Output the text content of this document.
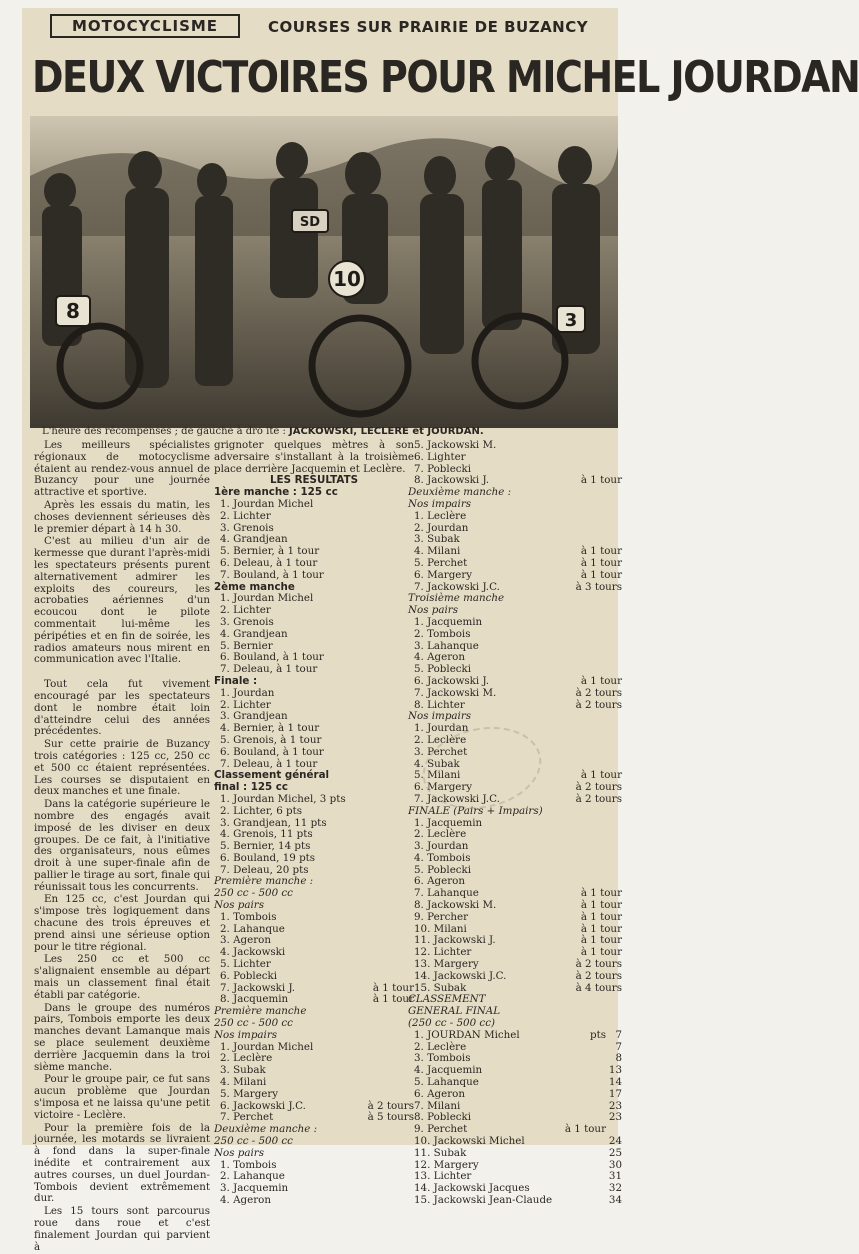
MOTOCYCLISME	COURSES SUR PRAIRIE DE BUZANCY
DEUX VICTOIRES POUR MICHEL JOURDAN
8
10
3
SD
L'heure des récompenses ; de gauche à dro ite : JACKOWSKI, LECLERE et JOURDAN.

Les meilleurs spécialistes régionaux de motocyclisme étaient au rendez-vous annuel de Buzancy pour une journée attractive et sportive.

Après les essais du matin, les choses deviennent sérieuses dès le premier départ à 14 h 30.

C'est au milieu d'un air de kermesse que durant l'après-midi les spectateurs présents purent alternativement admirer les exploits des coureurs, les acrobaties aériennes d'un ecoucou dont le pilote commentait lui-même les péripéties et en fin de soirée, les radios amateurs nous mirent en communication avec l'Italie.

Tout cela fut vivement encouragé par les spectateurs dont le nombre était loin d'atteindre celui des années précédentes.

Sur cette prairie de Buzancy trois catégories : 125 cc, 250 cc et 500 cc étaient représentées. Les courses se disputaient en deux manches et une finale.

Dans la catégorie supérieure le nombre des engagés avait imposé de les diviser en deux groupes. De ce fait, à l'initiative des organisateurs, nous eûmes droit à une super-finale afin de pallier le tirage au sort, finale qui réunissait tous les concurrents.

En 125 cc, c'est Jourdan qui s'impose très logiquement dans chacune des trois épreuves et prend ainsi une sérieuse option pour le titre régional.

Les 250 cc et 500 cc s'alignaient ensemble au départ mais un classement final était établi par catégorie.

Dans le groupe des numéros pairs, Tombois emporte les deux manches devant Lamanque mais se place seulement deuxième derrière Jacquemin dans la troi sième manche.

Pour le groupe pair, ce fut sans aucun problème que Jourdan s'imposa et ne laissa qu'une petit victoire - Leclère.

Pour la première fois de la journée, les motards se livraient à fond dans la super-finale inédite et contrairement aux autres courses, un duel Jourdan-Tombois devient extrêmement dur.

Les 15 tours sont parcourus roue dans roue et c'est finalement Jourdan qui parvient à

grignoter quelques mètres à son adversaire s'installant à la troisième place derrière Jacquemin et Leclère.
LES RESULTATS
1ère manche : 125 cc
1. Jourdan Michel
2. Lichter
3. Grenois
4. Grandjean
5. Bernier, à 1 tour
6. Deleau, à 1 tour
7. Bouland, à 1 tour
2ème manche
1. Jourdan Michel
2. Lichter
3. Grenois
4. Grandjean
5. Bernier
6. Bouland, à 1 tour
7. Deleau, à 1 tour
Finale :
1. Jourdan
2. Lichter
3. Grandjean
4. Bernier, à 1 tour
5. Grenois, à 1 tour
6. Bouland, à 1 tour
7. Deleau, à 1 tour
Classement général
final : 125 cc
1. Jourdan Michel, 3 pts
2. Lichter, 6 pts
3. Grandjean, 11 pts
4. Grenois, 11 pts
5. Bernier, 14 pts
6. Bouland, 19 pts
7. Deleau, 20 pts
Première manche :
250 cc - 500 cc
Nos pairs
1. Tombois
2. Lahanque
3. Ageron
4. Jackowski
5. Lichter
6. Poblecki
7. Jackowski J.	à 1 tour
8. Jacquemin	à 1 tour
Première manche
250 cc - 500 cc
Nos impairs
1. Jourdan Michel
2. Leclère
3. Subak
4. Milani
5. Margery
6. Jackowski J.C.	à 2 tours
7. Perchet	à 5 tours
Deuxième manche :
250 cc - 500 cc
Nos pairs
1. Tombois
2. Lahanque
3. Jacquemin
4. Ageron
5. Jackowski M.
6. Lighter
7. Poblecki
8. Jackowski J.	à 1 tour
Deuxième manche :
Nos impairs
1. Leclère
2. Jourdan
3. Subak
4. Milani	à 1 tour
5. Perchet	à 1 tour
6. Margery	à 1 tour
7. Jackowski J.C.	à 3 tours
Troisième manche
Nos pairs
1. Jacquemin
2. Tombois
3. Lahanque
4. Ageron
5. Poblecki
6. Jackowski J.	à 1 tour
7. Jackowski M.	à 2 tours
8. Lichter	à 2 tours
Nos impairs
1. Jourdan
2. Leclère
3. Perchet
4. Subak
5. Milani	à 1 tour
6. Margery	à 2 tours
7. Jackowski J.C.	à 2 tours
FINALE (Pairs + Impairs)
1. Jacquemin
2. Leclère
3. Jourdan
4. Tombois
5. Poblecki
6. Ageron
7. Lahanque	à 1 tour
8. Jackowski M.	à 1 tour
9. Percher	à 1 tour
10. Milani	à 1 tour
11. Jackowski J.	à 1 tour
12. Lichter	à 1 tour
13. Margery	à 2 tours
14. Jackowski J.C.	à 2 tours
15. Subak	à 4 tours
CLASSEMENT
GENERAL FINAL
(250 cc - 500 cc)
1. JOURDAN Michel	pts 7
2. Leclère	7
3. Tombois	8
4. Jacquemin	13
5. Lahanque	14
6. Ageron	17
7. Milani	23
8. Poblecki	23
9. Perchet	à 1 tour
10. Jackowski Michel	24
11. Subak	25
12. Margery	30
13. Lichter	31
14. Jackowski Jacques	32
15. Jackowski Jean-Claude	34
